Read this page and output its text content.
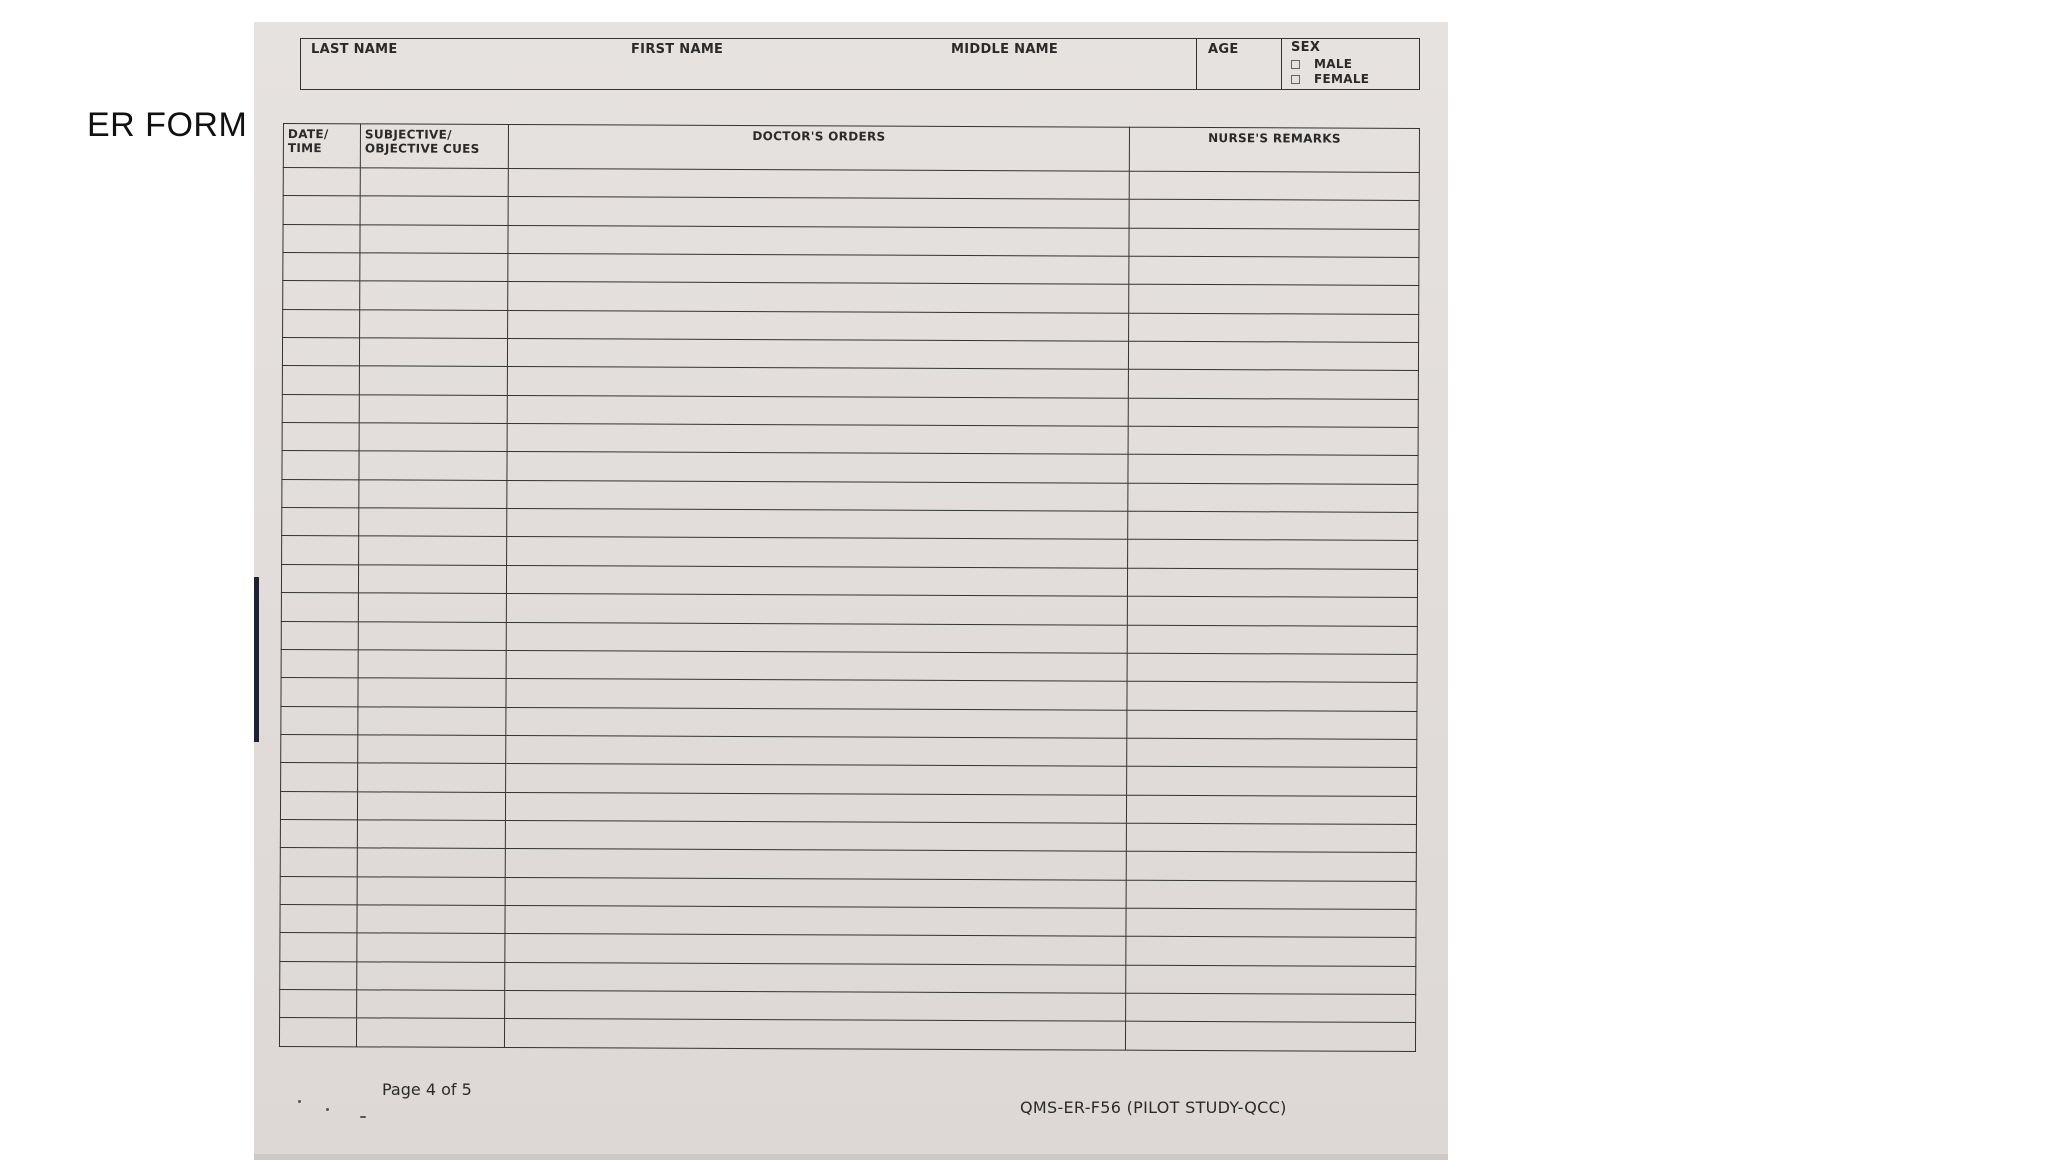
ER FORM
LAST NAME	FIRST NAME	MIDDLE NAME	AGE	SEX
MALE
FEMALE
DATE/ TIME	SUBJECTIVE/ OBJECTIVE CUES	DOCTOR'S ORDERS	NURSE'S REMARKS

Page 4 of 5
QMS-ER-F56 (PILOT STUDY-QCC)
